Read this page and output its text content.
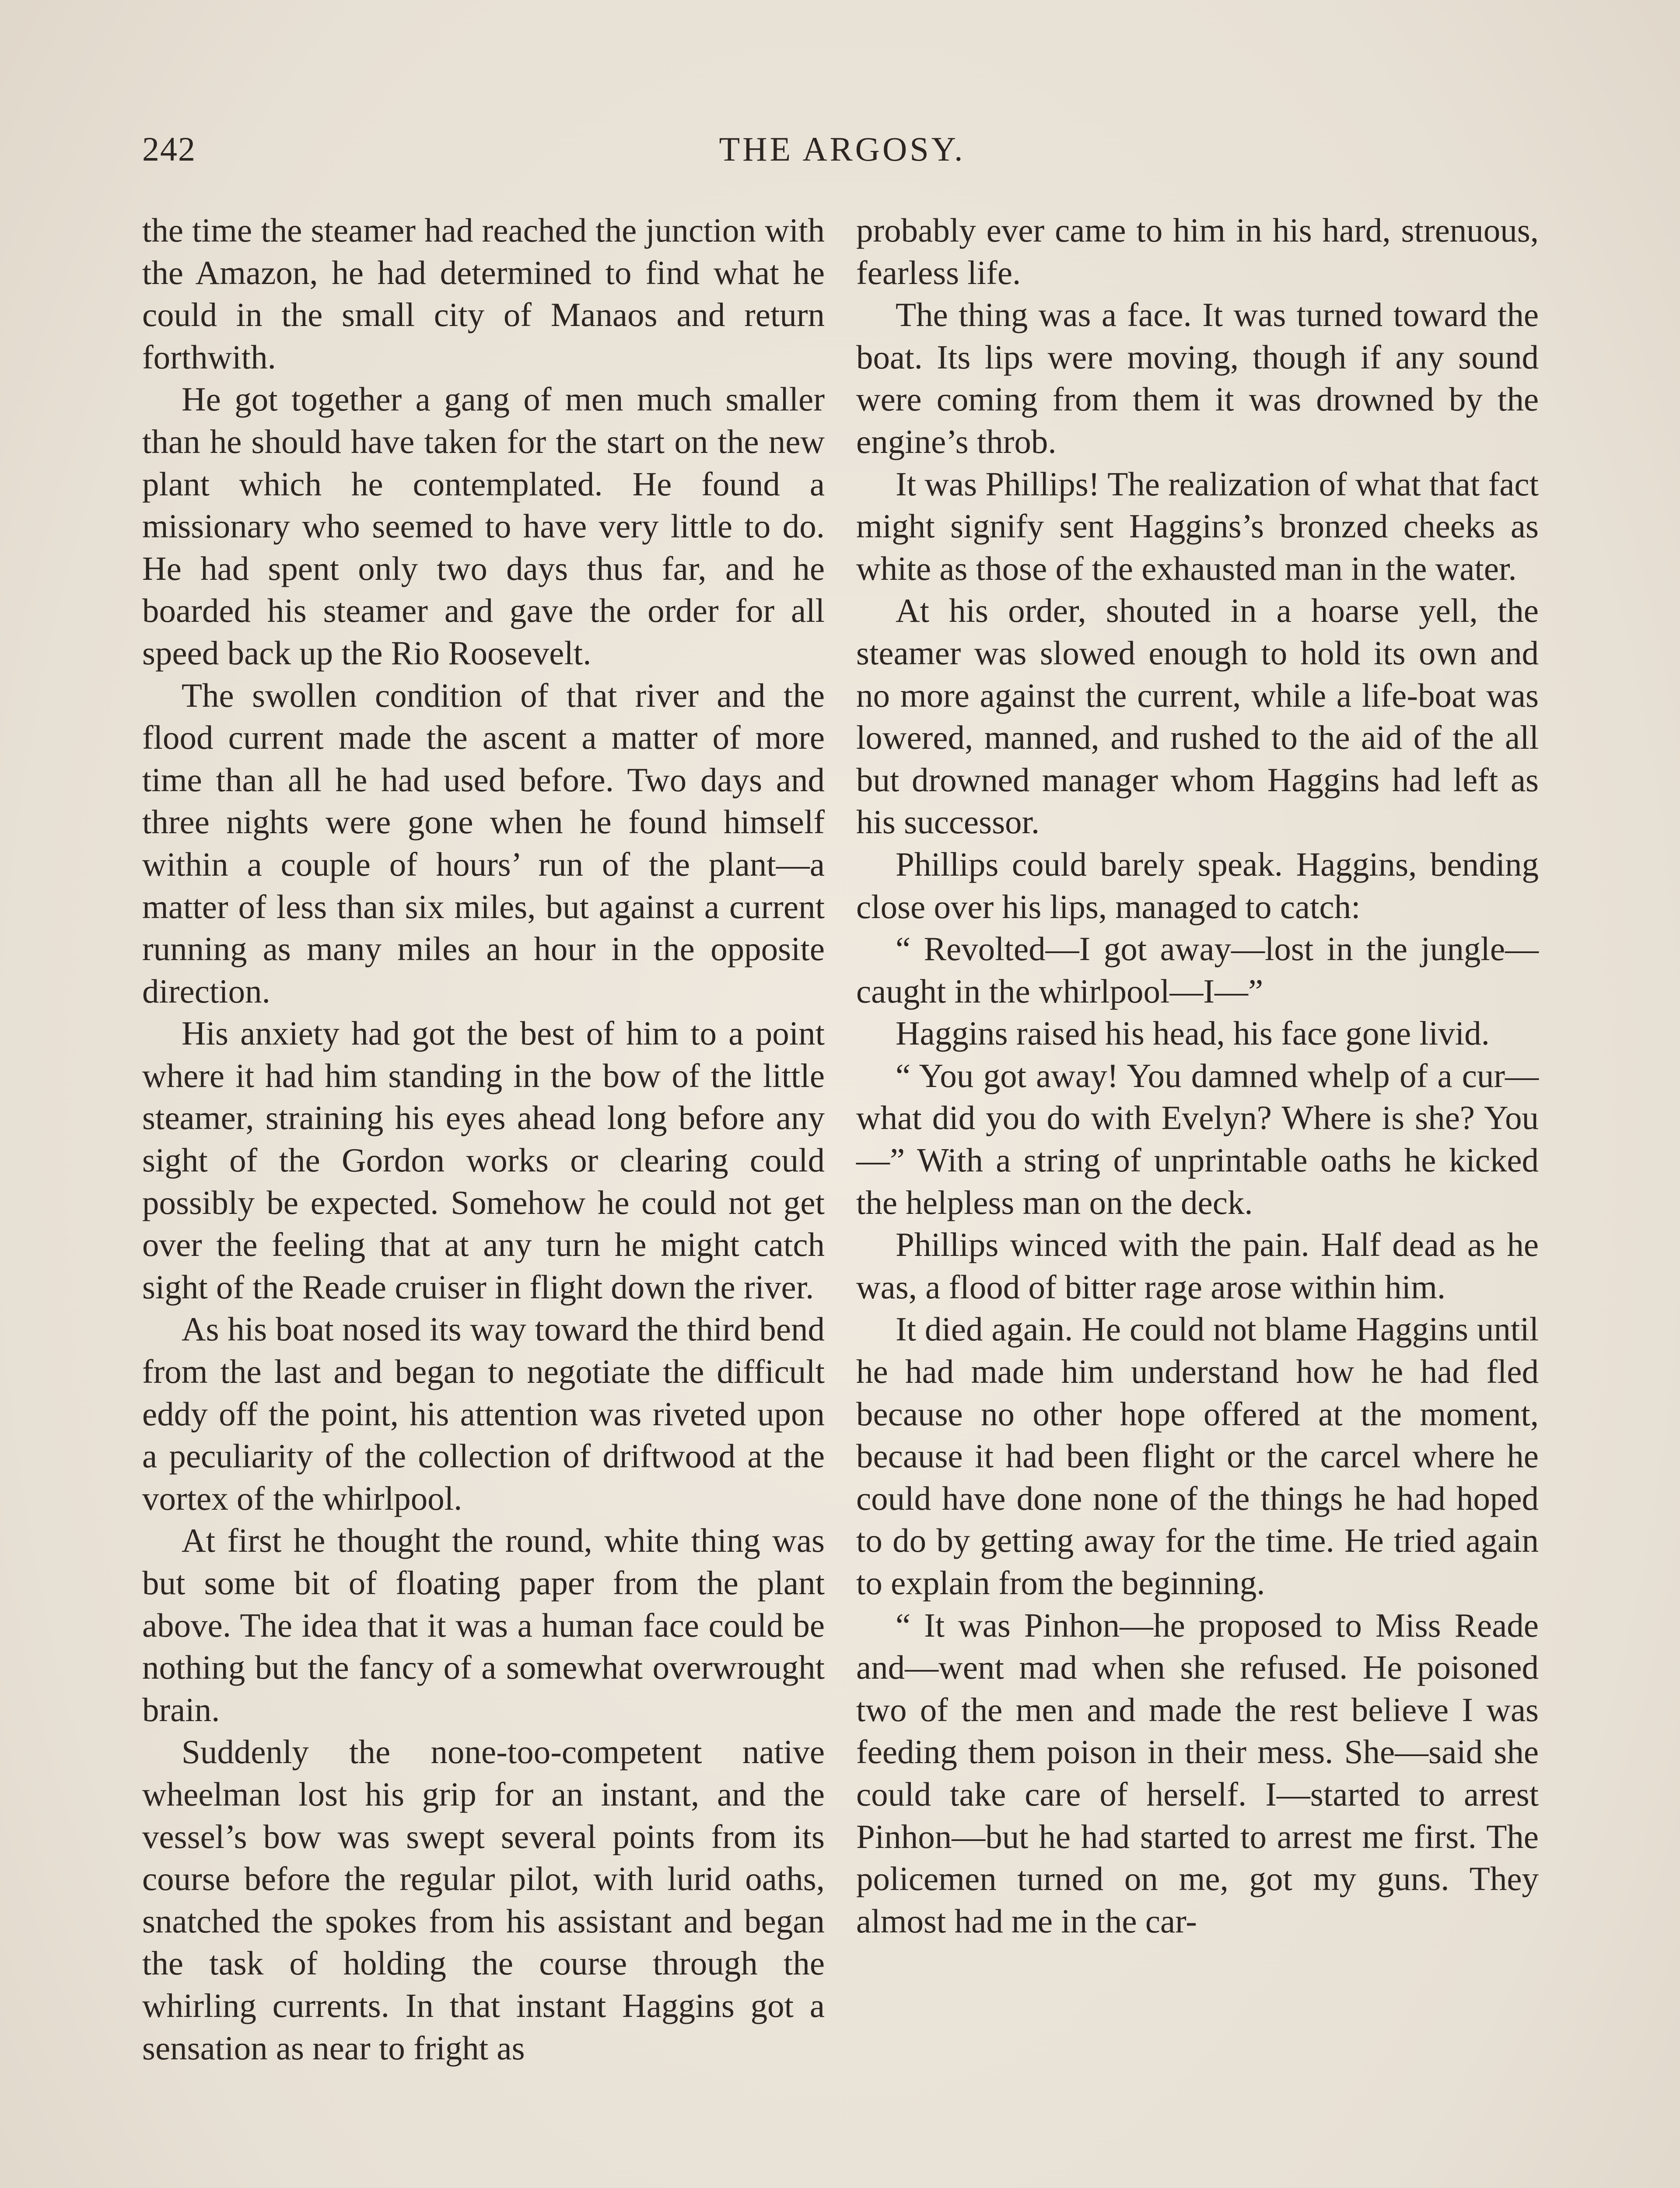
242	THE ARGOSY.

the time the steamer had reached the junction with the Amazon, he had determined to find what he could in the small city of Manaos and return forthwith.

He got together a gang of men much smaller than he should have taken for the start on the new plant which he contemplated. He found a missionary who seemed to have very little to do. He had spent only two days thus far, and he boarded his steamer and gave the order for all speed back up the Rio Roosevelt.

The swollen condition of that river and the flood current made the ascent a matter of more time than all he had used before. Two days and three nights were gone when he found himself within a couple of hours’ run of the plant—a matter of less than six miles, but against a current running as many miles an hour in the opposite direction.

His anxiety had got the best of him to a point where it had him standing in the bow of the little steamer, straining his eyes ahead long before any sight of the Gordon works or clearing could possibly be expected. Somehow he could not get over the feeling that at any turn he might catch sight of the Reade cruiser in flight down the river.

As his boat nosed its way toward the third bend from the last and began to negotiate the difficult eddy off the point, his attention was riveted upon a peculiarity of the collection of driftwood at the vortex of the whirlpool.

At first he thought the round, white thing was but some bit of floating paper from the plant above. The idea that it was a human face could be nothing but the fancy of a somewhat overwrought brain.

Suddenly the none-too-competent native wheelman lost his grip for an instant, and the vessel’s bow was swept several points from its course before the regular pilot, with lurid oaths, snatched the spokes from his assistant and began the task of holding the course through the whirling currents. In that instant Haggins got a sensation as near to fright as

probably ever came to him in his hard, strenuous, fearless life.

The thing was a face. It was turned toward the boat. Its lips were moving, though if any sound were coming from them it was drowned by the engine’s throb.

It was Phillips! The realization of what that fact might signify sent Haggins’s bronzed cheeks as white as those of the exhausted man in the water.

At his order, shouted in a hoarse yell, the steamer was slowed enough to hold its own and no more against the current, while a life-boat was lowered, manned, and rushed to the aid of the all but drowned manager whom Haggins had left as his successor.

Phillips could barely speak. Haggins, bending close over his lips, managed to catch:

“ Revolted—I got away—lost in the jungle—caught in the whirlpool—I—”

Haggins raised his head, his face gone livid.

“ You got away! You damned whelp of a cur—what did you do with Evelyn? Where is she? You—” With a string of unprintable oaths he kicked the helpless man on the deck.

Phillips winced with the pain. Half dead as he was, a flood of bitter rage arose within him.

It died again. He could not blame Haggins until he had made him understand how he had fled because no other hope offered at the moment, because it had been flight or the carcel where he could have done none of the things he had hoped to do by getting away for the time. He tried again to explain from the beginning.

“ It was Pinhon—he proposed to Miss Reade and—went mad when she refused. He poisoned two of the men and made the rest believe I was feeding them poison in their mess. She—said she could take care of herself. I—started to arrest Pinhon—but he had started to arrest me first. The policemen turned on me, got my guns. They almost had me in the car-
